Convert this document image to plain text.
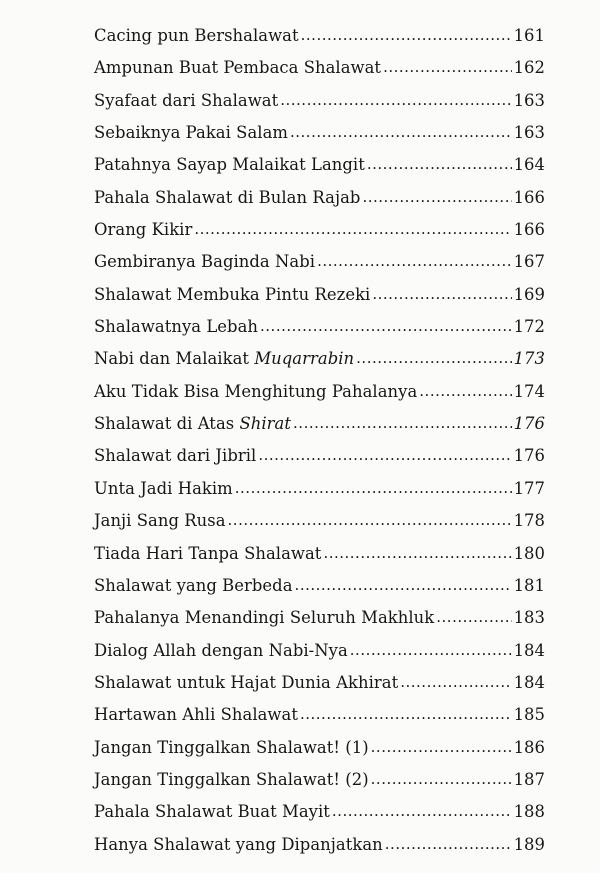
Cacing pun Bershalawat .....	161
Ampunan Buat Pembaca Shalawat .....	162
Syafaat dari Shalawat .....	163
Sebaiknya Pakai Salam .....	163
Patahnya Sayap Malaikat Langit .....	164
Pahala Shalawat di Bulan Rajab .....	166
Orang Kikir .....	166
Gembiranya Baginda Nabi .....	167
Shalawat Membuka Pintu Rezeki .....	169
Shalawatnya Lebah .....	172
Nabi dan Malaikat Muqarrabin .....	173
Aku Tidak Bisa Menghitung Pahalanya .....	174
Shalawat di Atas Shirat .....	176
Shalawat dari Jibril .....	176
Unta Jadi Hakim .....	177
Janji Sang Rusa .....	178
Tiada Hari Tanpa Shalawat .....	180
Shalawat yang Berbeda .....	181
Pahalanya Menandingi Seluruh Makhluk .....	183
Dialog Allah dengan Nabi-Nya .....	184
Shalawat untuk Hajat Dunia Akhirat .....	184
Hartawan Ahli Shalawat .....	185
Jangan Tinggalkan Shalawat! (1) .....	186
Jangan Tinggalkan Shalawat! (2) .....	187
Pahala Shalawat Buat Mayit .....	188
Hanya Shalawat yang Dipanjatkan .....	189
